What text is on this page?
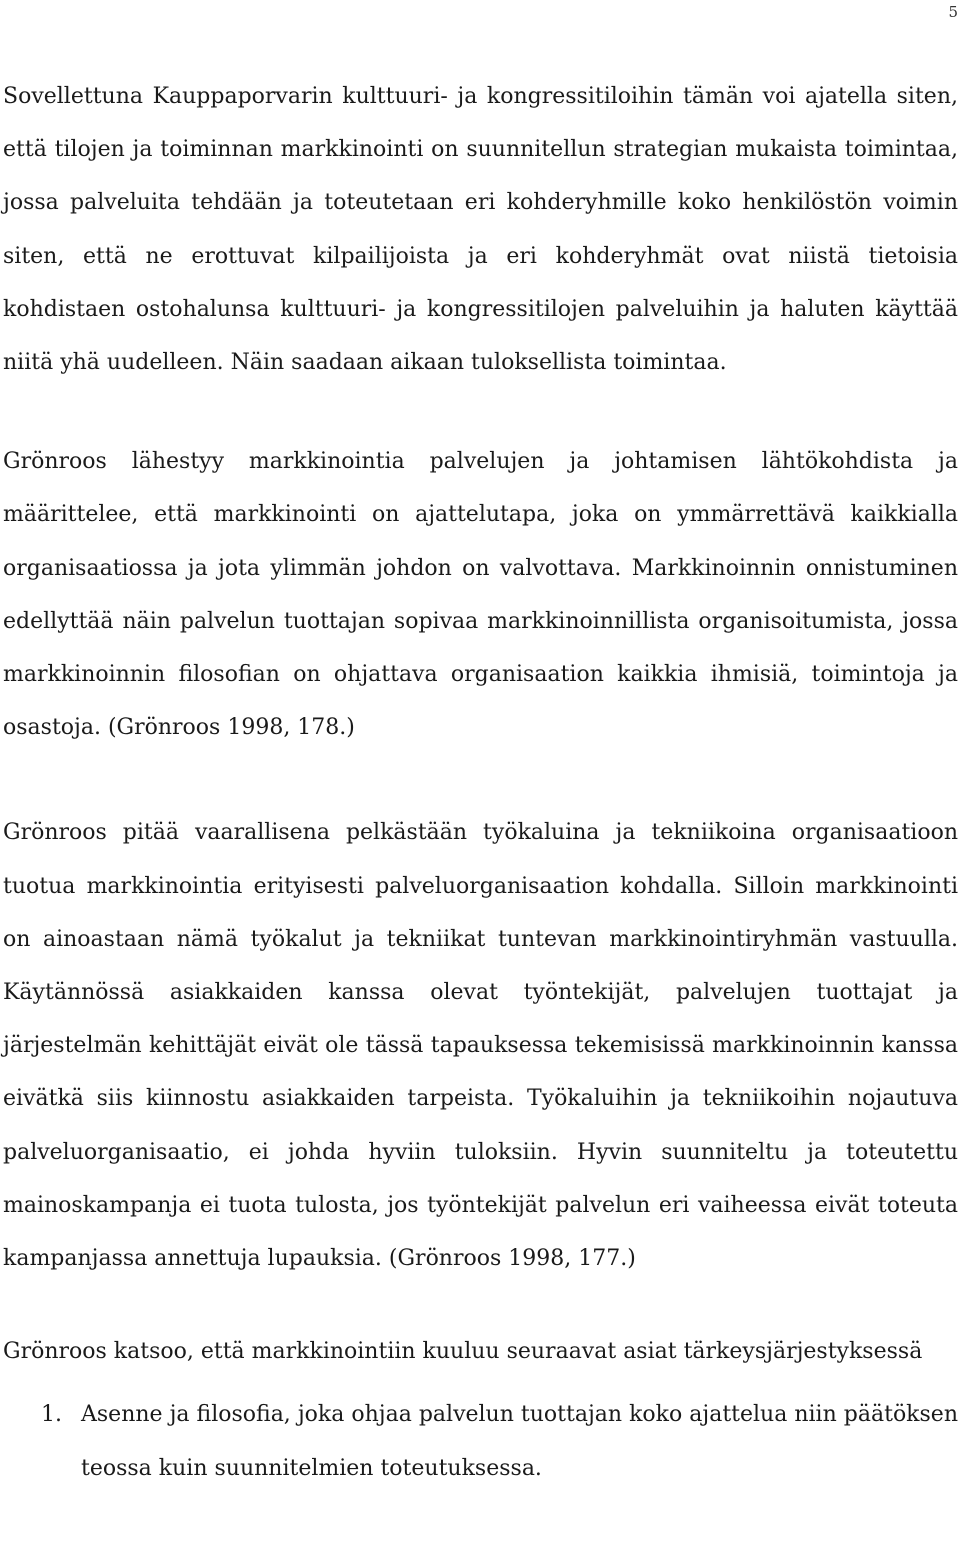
5

Sovellettuna Kauppaporvarin kulttuuri- ja kongressitiloihin tämän voi ajatella siten, että tilojen ja toiminnan markkinointi on suunnitellun strategian mukaista toimintaa, jossa palveluita tehdään ja toteutetaan eri kohderyhmille koko henkilöstön voimin siten, että ne erottuvat kilpailijoista ja eri kohderyhmät ovat niistä tietoisia kohdistaen ostohalunsa kulttuuri- ja kongressitilojen palveluihin ja haluten käyttää niitä yhä uudelleen. Näin saadaan aikaan tuloksellista toimintaa.

Grönroos lähestyy markkinointia palvelujen ja johtamisen lähtökohdista ja määrittelee, että markkinointi on ajattelutapa, joka on ymmärrettävä kaikkialla organisaatiossa ja jota ylimmän johdon on valvottava. Markkinoinnin onnistuminen edellyttää näin palvelun tuottajan sopivaa markkinoinnillista organisoitumista, jossa markkinoinnin filosofian on ohjattava organisaation kaikkia ihmisiä, toimintoja ja osastoja. (Grönroos 1998, 178.)

Grönroos pitää vaarallisena pelkästään työkaluina ja tekniikoina organisaatioon tuotua markkinointia erityisesti palveluorganisaation kohdalla. Silloin markkinointi on ainoastaan nämä työkalut ja tekniikat tuntevan markkinointiryhmän vastuulla. Käytännössä asiakkaiden kanssa olevat työntekijät, palvelujen tuottajat ja järjestelmän kehittäjät eivät ole tässä tapauksessa tekemisissä markkinoinnin kanssa eivätkä siis kiinnostu asiakkaiden tarpeista. Työkaluihin ja tekniikoihin nojautuva palveluorganisaatio, ei johda hyviin tuloksiin. Hyvin suunniteltu ja toteutettu mainoskampanja ei tuota tulosta, jos työntekijät palvelun eri vaiheessa eivät toteuta kampanjassa annettuja lupauksia. (Grönroos 1998, 177.)

Grönroos katsoo, että markkinointiin kuuluu seuraavat asiat tärkeysjärjestyksessä

1. Asenne ja filosofia, joka ohjaa palvelun tuottajan koko ajattelua niin päätöksen teossa kuin suunnitelmien toteutuksessa.
